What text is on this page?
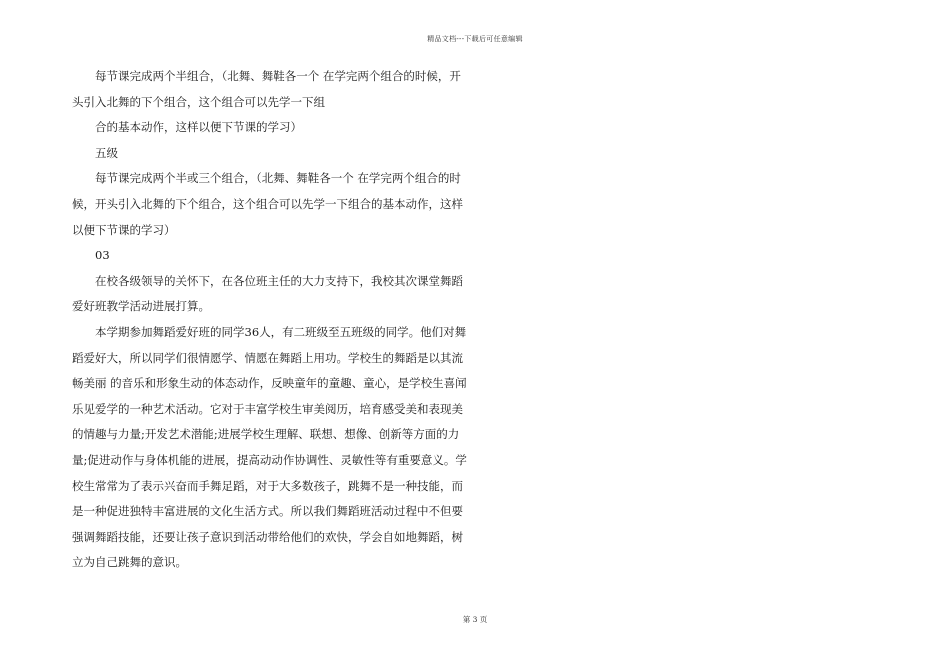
精品文档---下载后可任意编辑
每节课完成两个半组合，（北舞、舞鞋各一个 在学完两个组合的时候，开
头引入北舞的下个组合，这个组合可以先学一下组
合的基本动作，这样以便下节课的学习）
五级
每节课完成两个半或三个组合，（北舞、舞鞋各一个 在学完两个组合的时
候，开头引入北舞的下个组合，这个组合可以先学一下组合的基本动作，这样
以便下节课的学习）
03
在校各级领导的关怀下，在各位班主任的大力支持下，我校其次课堂舞蹈
爱好班教学活动进展打算。
本学期参加舞蹈爱好班的同学36人，有二班级至五班级的同学。他们对舞
蹈爱好大，所以同学们很情愿学、情愿在舞蹈上用功。学校生的舞蹈是以其流
畅美丽 的音乐和形象生动的体态动作，反映童年的童趣、童心，是学校生喜闻
乐见爱学的一种艺术活动。它对于丰富学校生审美阅历，培育感受美和表现美
的情趣与力量;开发艺术潜能;进展学校生理解、联想、想像、创新等方面的力
量;促进动作与身体机能的进展，提高动动作协调性、灵敏性等有重要意义。学
校生常常为了表示兴奋而手舞足蹈，对于大多数孩子，跳舞不是一种技能，而
是一种促进独特丰富进展的文化生活方式。所以我们舞蹈班活动过程中不但要
强调舞蹈技能，还要让孩子意识到活动带给他们的欢快，学会自如地舞蹈，树
立为自己跳舞的意识。
第 3 页
